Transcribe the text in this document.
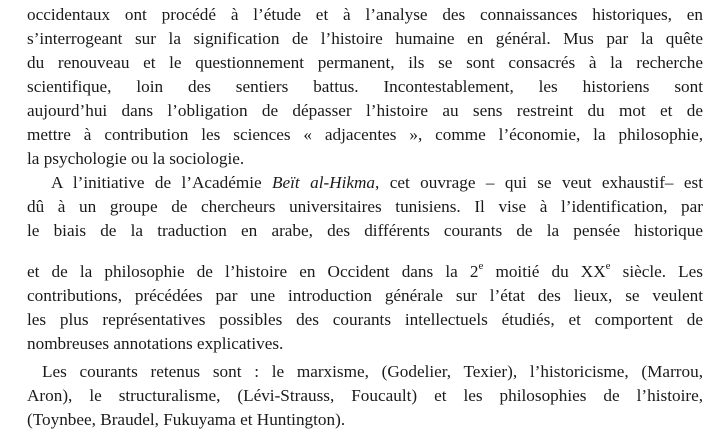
occidentaux ont procédé à l’étude et à l’analyse des connaissances historiques, en
s’interrogeant sur la signification de l’histoire humaine en général. Mus par la quête
du renouveau et le questionnement permanent, ils se sont consacrés à la recherche
scientifique, loin des sentiers battus. Incontestablement, les historiens sont
aujourd’hui dans l’obligation de dépasser l’histoire au sens restreint du mot et de
mettre à contribution les sciences « adjacentes », comme l’économie, la philosophie,
la psychologie ou la sociologie.
A l’initiative de l’Académie Beït al-Hikma, cet ouvrage – qui se veut exhaustif– est
dû à un groupe de chercheurs universitaires tunisiens. Il vise à l’identification, par
le biais de la traduction en arabe, des différents courants de la pensée historique
et de la philosophie de l’histoire en Occident dans la 2e moitié du XXe siècle. Les
contributions, précédées par une introduction générale sur l’état des lieux, se veulent
les plus représentatives possibles des courants intellectuels étudiés, et comportent de
nombreuses annotations explicatives.
Les courants retenus sont : le marxisme, (Godelier, Texier), l’historicisme, (Marrou,
Aron), le structuralisme, (Lévi-Strauss, Foucault) et les philosophies de l’histoire,
(Toynbee, Braudel, Fukuyama et Huntington).
